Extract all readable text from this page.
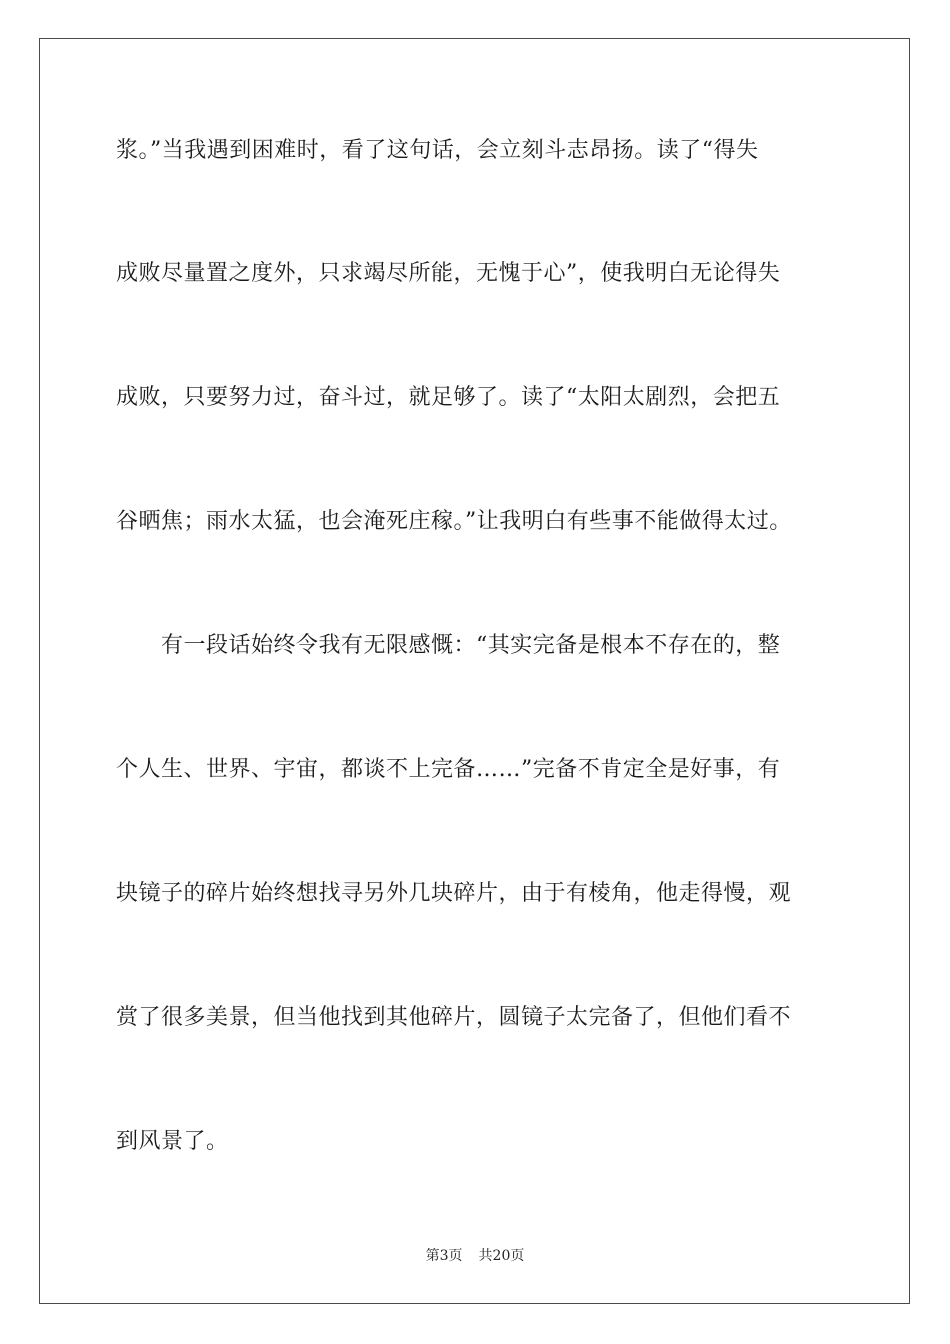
浆。”当我遇到困难时，看了这句话，会立刻斗志昂扬。读了“得失
成败尽量置之度外，只求竭尽所能，无愧于心”，使我明白无论得失
成败，只要努力过，奋斗过，就足够了。读了“太阳太剧烈，会把五
谷晒焦；雨水太猛，也会淹死庄稼。”让我明白有些事不能做得太过。
有一段话始终令我有无限感慨：“其实完备是根本不存在的，整
个人生、世界、宇宙，都谈不上完备……”完备不肯定全是好事，有
块镜子的碎片始终想找寻另外几块碎片，由于有棱角，他走得慢，观
赏了很多美景，但当他找到其他碎片，圆镜子太完备了，但他们看不
到风景了。
第3页 共20页
